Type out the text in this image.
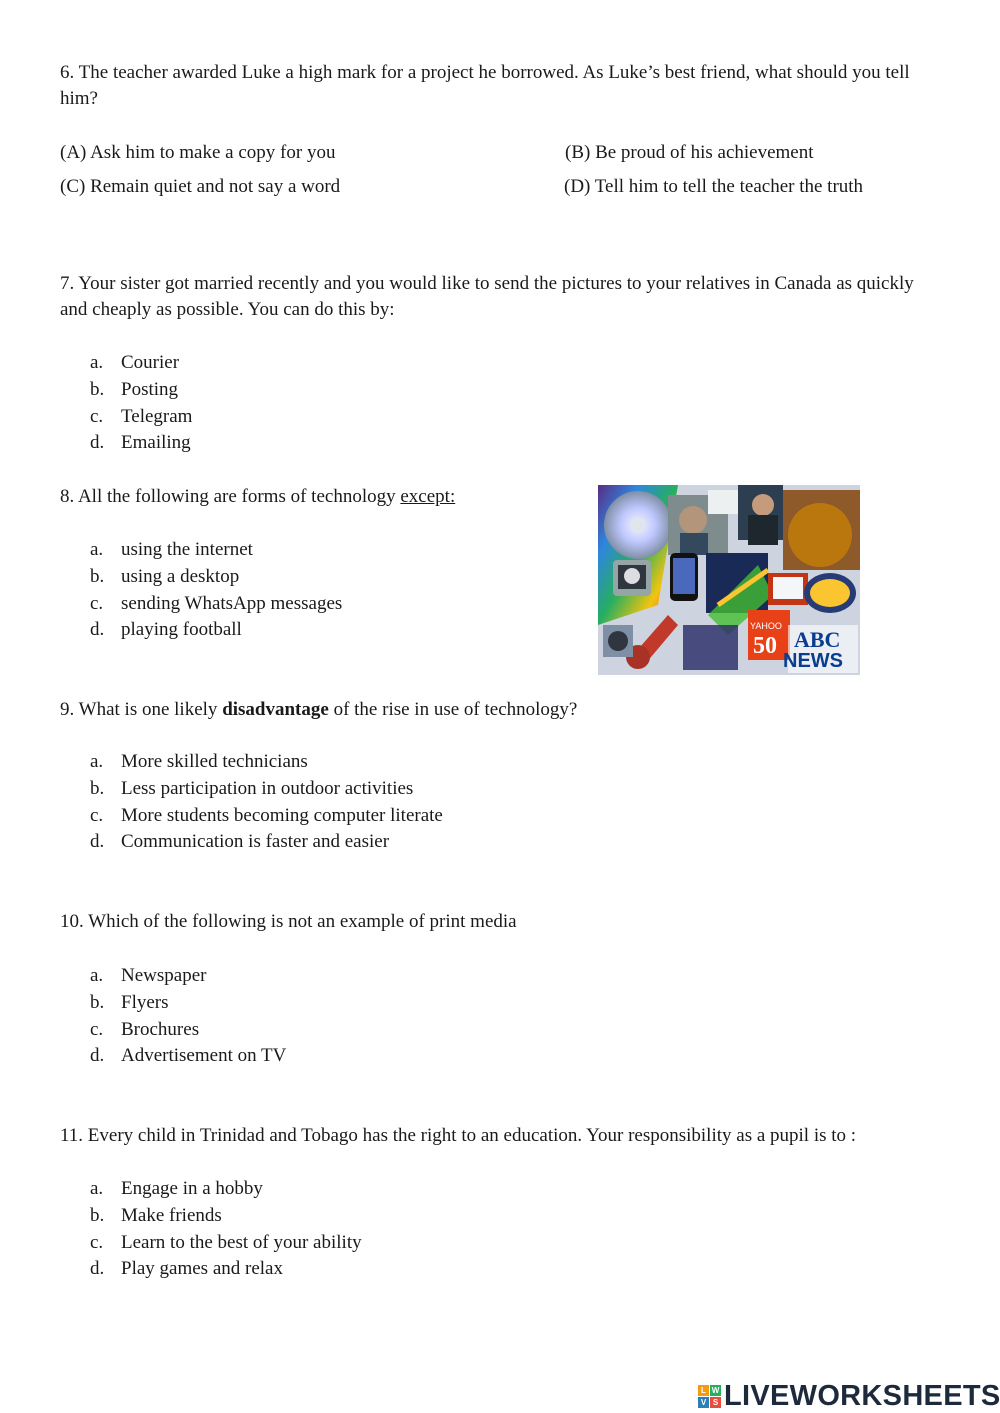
6. The teacher awarded Luke a high mark for a project he borrowed. As Luke’s best friend, what should you tell him?

(A) Ask him to make a copy for you	(B) Be proud of his achievement
(C) Remain quiet and not say a word	(D) Tell him to tell the teacher the truth

7. Your sister got married recently and you would like to send the pictures to your relatives in Canada as quickly and cheaply as possible. You can do this by:

a. Courier
b. Posting
c. Telegram
d. Emailing

8. All the following are forms of technology except:

a. using the internet
b. using a desktop
c. sending WhatsApp messages
d. playing football	YAHOO
50 ABC
NEWS

9. What is one likely disadvantage of the rise in use of technology?

a. More skilled technicians
b. Less participation in outdoor activities
c. More students becoming computer literate
d. Communication is faster and easier

10. Which of the following is not an example of print media

a. Newspaper
b. Flyers
c. Brochures
d. Advertisement on TV

11. Every child in Trinidad and Tobago has the right to an education. Your responsibility as a pupil is to :

a. Engage in a hobby
b. Make friends
c. Learn to the best of your ability
d. Play games and relax
L W
V S LIVEWORKSHEETS
